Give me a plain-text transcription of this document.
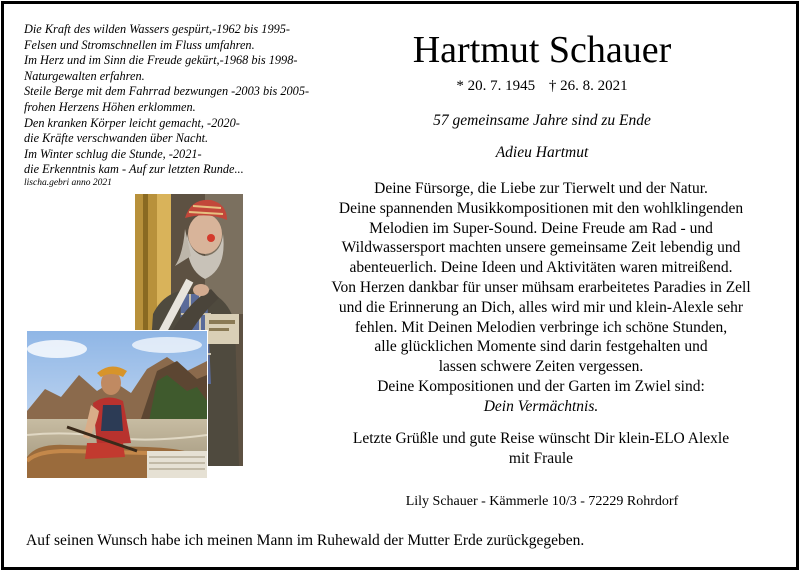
Die Kraft des wilden Wassers gespürt,-1962 bis 1995-
Felsen und Stromschnellen im Fluss umfahren.
Im Herz und im Sinn die Freude gekürt,-1968 bis 1998-
Naturgewalten erfahren.
Steile Berge mit dem Fahrrad bezwungen -2003 bis 2005-
frohen Herzens Höhen erklommen.
Den kranken Körper leicht gemacht, -2020-
die Kräfte verschwanden über Nacht.
Im Winter schlug die Stunde, -2021-
die Erkenntnis kam - Auf zur letzten Runde...
lischa.gebri anno 2021
Hartmut Schauer
* 20. 7. 1945 † 26. 8. 2021
57 gemeinsame Jahre sind zu Ende
Adieu Hartmut
Deine Fürsorge, die Liebe zur Tierwelt und der Natur.
Deine spannenden Musikkompositionen mit den wohlklingenden
Melodien im Super-Sound. Deine Freude am Rad - und
Wildwassersport machten unsere gemeinsame Zeit lebendig und
abenteuerlich. Deine Ideen und Aktivitäten waren mitreißend.
Von Herzen dankbar für unser mühsam erarbeitetes Paradies in Zell
und die Erinnerung an Dich, alles wird mir und klein-Alexle sehr
fehlen. Mit Deinen Melodien verbringe ich schöne Stunden,
alle glücklichen Momente sind darin festgehalten und
lassen schwere Zeiten vergessen.
Deine Kompositionen und der Garten im Zwiel sind:
Dein Vermächtnis.
Letzte Grüßle und gute Reise wünscht Dir klein-ELO Alexle
mit Fraule
Lily Schauer - Kämmerle 10/3 - 72229 Rohrdorf
Auf seinen Wunsch habe ich meinen Mann im Ruhewald der Mutter Erde zurückgegeben.
